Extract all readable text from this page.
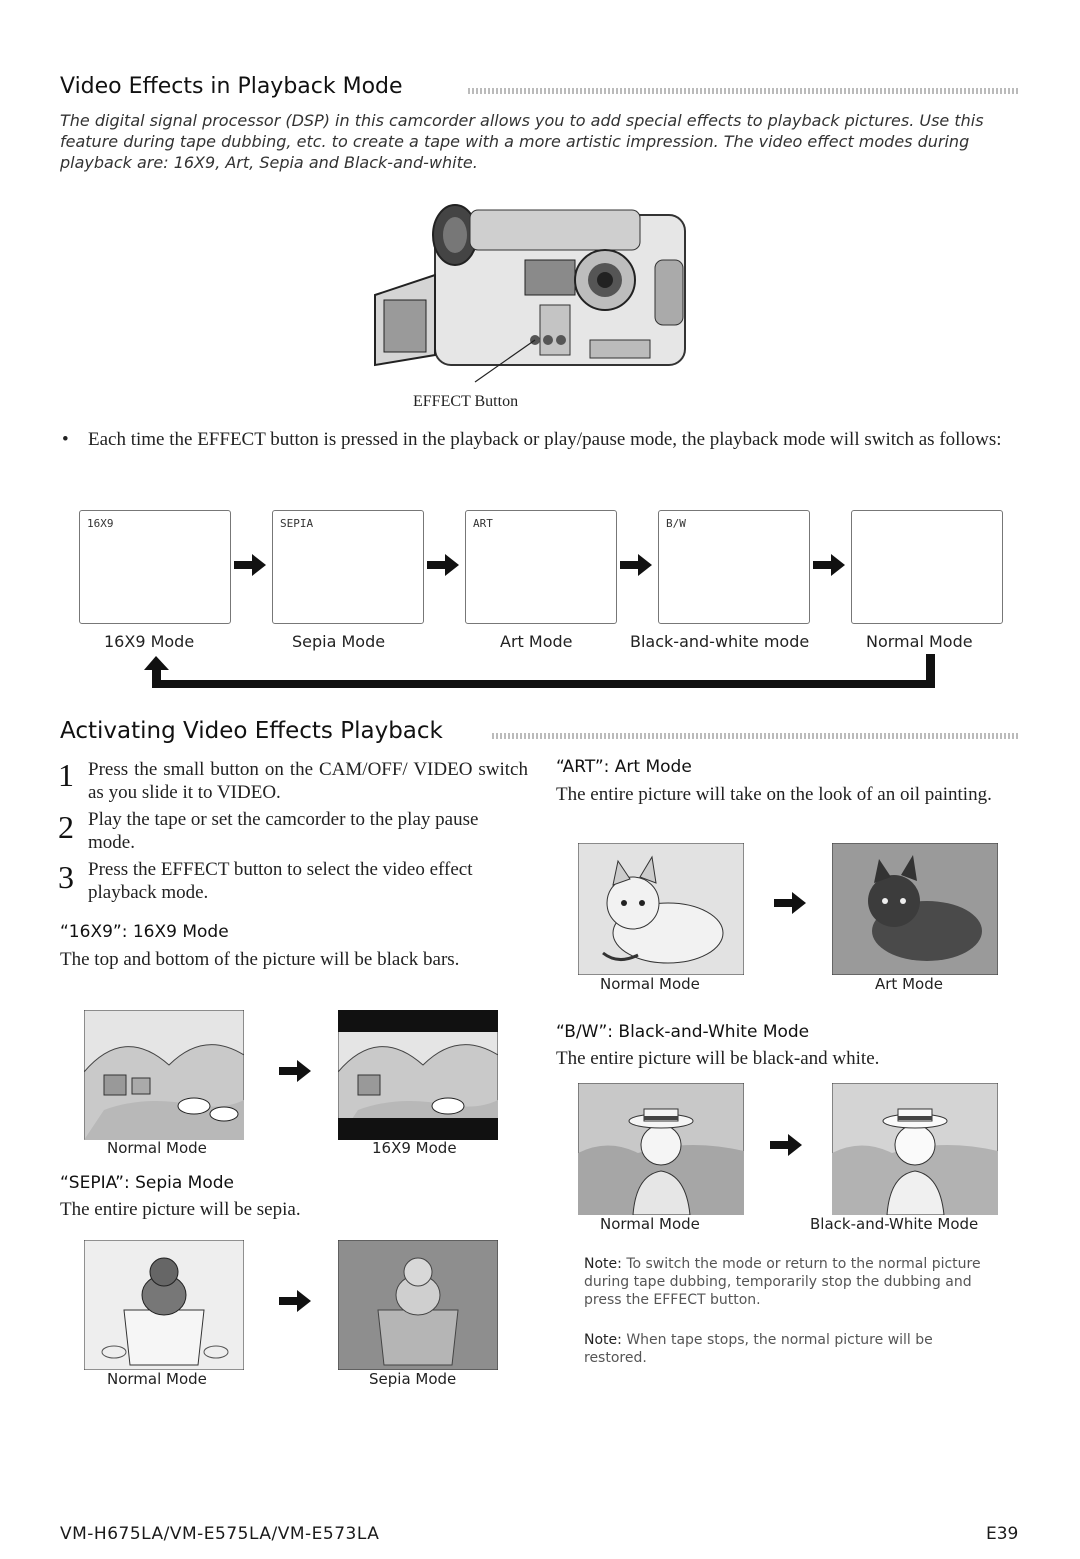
Video Effects in Playback Mode
The digital signal processor (DSP) in this camcorder allows you to add special effects to playback pictures. Use this feature during tape dubbing, etc. to create a tape with a more artistic impression. The video effect modes during playback are: 16X9, Art, Sepia and Black-and-white.
EFFECT Button
• Each time the EFFECT button is pressed in the playback or play/pause mode, the playback mode will switch as follows:
16X9	SEPIA	ART	B/W
16X9 Mode	Sepia Mode	Art Mode	Black-and-white mode	Normal Mode
Activating Video Effects Playback
1 Press the small button on the CAM/OFF/ VIDEO switch as you slide it to VIDEO.
2 Play the tape or set the camcorder to the play pause mode.
3 Press the EFFECT button to select the video effect playback mode.
“16X9”: 16X9 Mode
The top and bottom of the picture will be black bars.
Normal Mode	16X9 Mode
“SEPIA”: Sepia Mode
The entire picture will be sepia.
Normal Mode	Sepia Mode
“ART”: Art Mode
The entire picture will take on the look of an oil painting.
Normal Mode	Art Mode
“B/W”: Black-and-White Mode
The entire picture will be black-and white.
Normal Mode	Black-and-White Mode
Note: To switch the mode or return to the normal picture during tape dubbing, temporarily stop the dubbing and press the EFFECT button.
Note: When tape stops, the normal picture will be restored.
VM-H675LA/VM-E575LA/VM-E573LA	E39
